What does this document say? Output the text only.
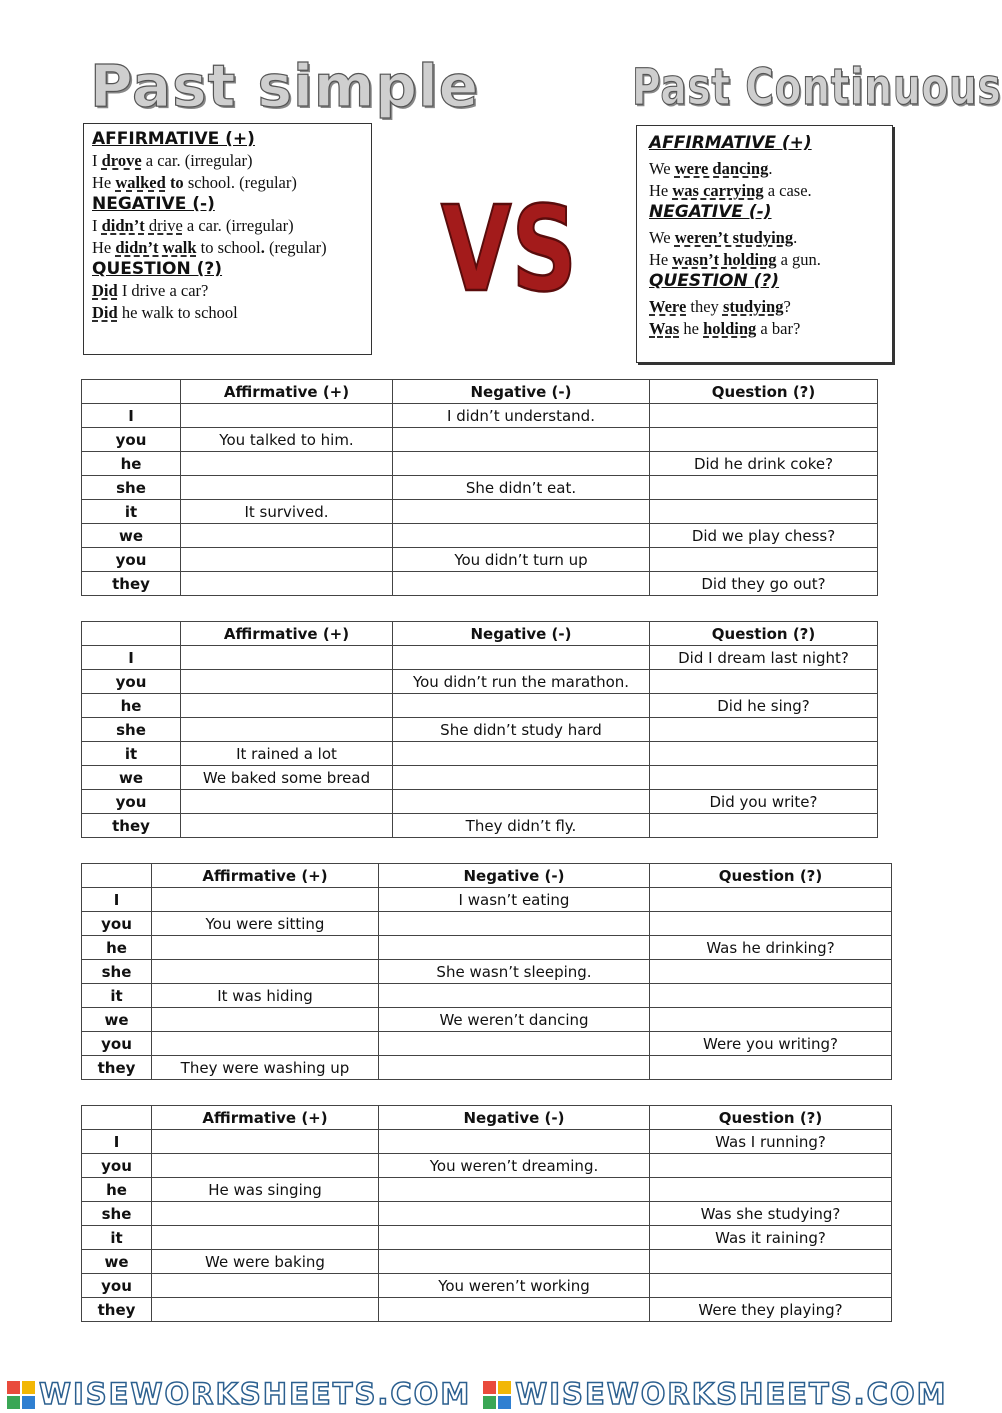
Past simple	Past Continuous
AFFIRMATIVE (+)
I drove a car. (irregular)
He walked to school. (regular)
NEGATIVE (-)
I didn’t drive a car. (irregular)
He didn’t walk to school. (regular)
QUESTION (?)
Did I drive a car?
Did he walk to school	VS
AFFIRMATIVE (+)
We were dancing.
He was carrying a case.
NEGATIVE (-)
We weren’t studying.
He wasn’t holding a gun.
QUESTION (?)
Were they studying?
Was he holding a bar?
	Affirmative (+)	Negative (-)	Question (?)
I		I didn’t understand.	
you	You talked to him.		
he			Did he drink coke?
she		She didn’t eat.	
it	It survived.		
we			Did we play chess?
you		You didn’t turn up	
they			Did they go out?
	Affirmative (+)	Negative (-)	Question (?)
I			Did I dream last night?
you		You didn’t run the marathon.	
he			Did he sing?
she		She didn’t study hard	
it	It rained a lot		
we	We baked some bread		
you			Did you write?
they		They didn’t fly.	
	Affirmative (+)	Negative (-)	Question (?)
I		I wasn’t eating	
you	You were sitting		
he			Was he drinking?
she		She wasn’t sleeping.	
it	It was hiding		
we		We weren’t dancing	
you			Were you writing?
they	They were washing up		
	Affirmative (+)	Negative (-)	Question (?)
I			Was I running?
you		You weren’t dreaming.	
he	He was singing		
she			Was she studying?
it			Was it raining?
we	We were baking		
you		You weren’t working	
they			Were they playing?
WISEWORKSHEETS.COM WISEWORKSHEETS.COM
